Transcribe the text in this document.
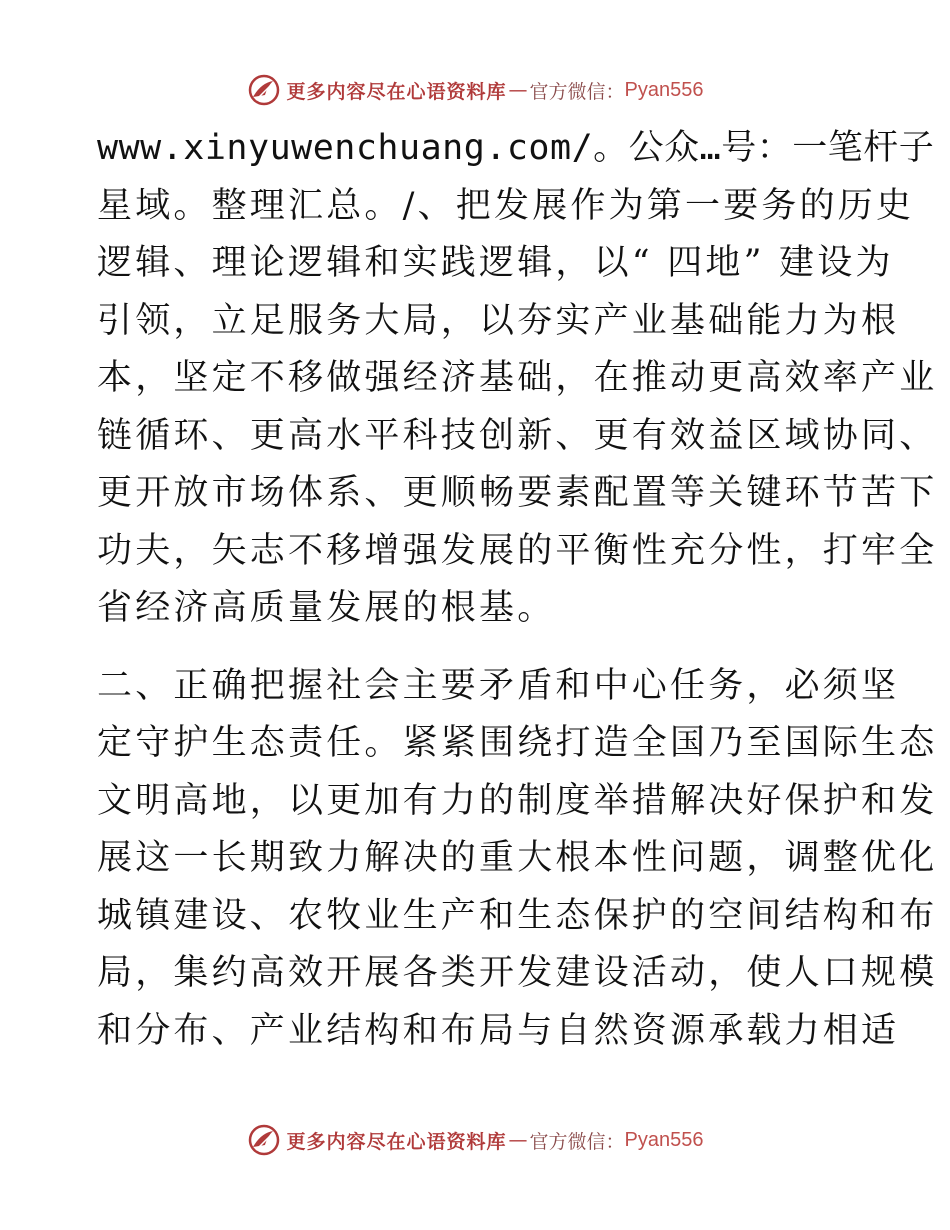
更多内容尽在心语资料库 — 官方微信： Pyan556

www.xinyuwenchuang.com/。公众…号：一笔杆子
星域。整理汇总。/、把发展作为第一要务的历史
逻辑、理论逻辑和实践逻辑，以“ 四地” 建设为
引领，立足服务大局，以夯实产业基础能力为根
本，坚定不移做强经济基础，在推动更高效率产业
链循环、更高水平科技创新、更有效益区域协同、
更开放市场体系、更顺畅要素配置等关键环节苦下
功夫，矢志不移增强发展的平衡性充分性，打牢全
省经济高质量发展的根基。

二、正确把握社会主要矛盾和中心任务，必须坚
定守护生态责任。紧紧围绕打造全国乃至国际生态
文明高地，以更加有力的制度举措解决好保护和发
展这一长期致力解决的重大根本性问题，调整优化
城镇建设、农牧业生产和生态保护的空间结构和布
局，集约高效开展各类开发建设活动，使人口规模
和分布、产业结构和布局与自然资源承载力相适

更多内容尽在心语资料库 — 官方微信： Pyan556
